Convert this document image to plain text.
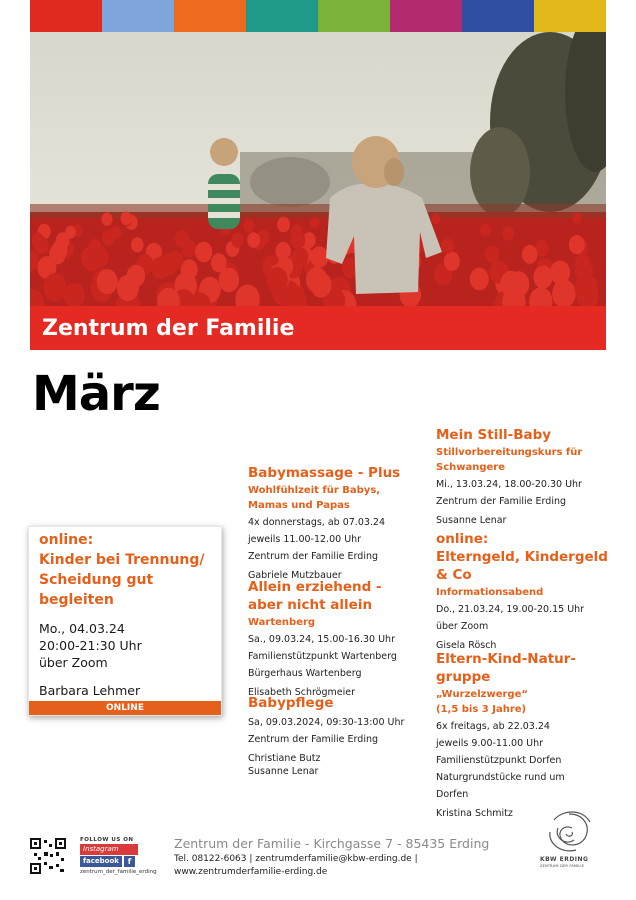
Zentrum der Familie
März
online:
Kinder bei Trennung/
Scheidung gut
begleiten
Mo., 04.03.24
20:00-21:30 Uhr
über Zoom
Barbara Lehmer
ONLINE
Babymassage - Plus
Wohlfühlzeit für Babys,
Mamas und Papas
4x donnerstags, ab 07.03.24
jeweils 11.00-12.00 Uhr
Zentrum der Familie Erding
Gabriele Mutzbauer
Allein erziehend -
aber nicht allein
Wartenberg
Sa., 09.03.24, 15.00-16.30 Uhr
Familienstützpunkt Wartenberg
Bürgerhaus Wartenberg
Elisabeth Schrögmeier
Babypflege
Sa, 09.03.2024, 09:30-13:00 Uhr
Zentrum der Familie Erding
Christiane Butz
Susanne Lenar
Mein Still-Baby
Stillvorbereitungskurs für
Schwangere
Mi., 13.03.24, 18.00-20.30 Uhr
Zentrum der Familie Erding
Susanne Lenar
online:
Elterngeld, Kindergeld
& Co
Informationsabend
Do., 21.03.24, 19.00-20.15 Uhr
über Zoom
Gisela Rösch
Eltern-Kind-Natur-
gruppe
„Wurzelzwerge“
(1,5 bis 3 Jahre)
6x freitags, ab 22.03.24
jeweils 9.00-11.00 Uhr
Familienstützpunkt Dorfen
Naturgrundstücke rund um
Dorfen
Kristina Schmitz
FOLLOW US ON
Instagram
facebook	f
zentrum_der_familie_erding
Zentrum der Familie - Kirchgasse 7 - 85435 Erding
Tel. 08122-6063 | zentrumderfamilie@kbw-erding.de |
www.zentrumderfamilie-erding.de
KBW ERDING
ZENTRUM DER FAMILIE
